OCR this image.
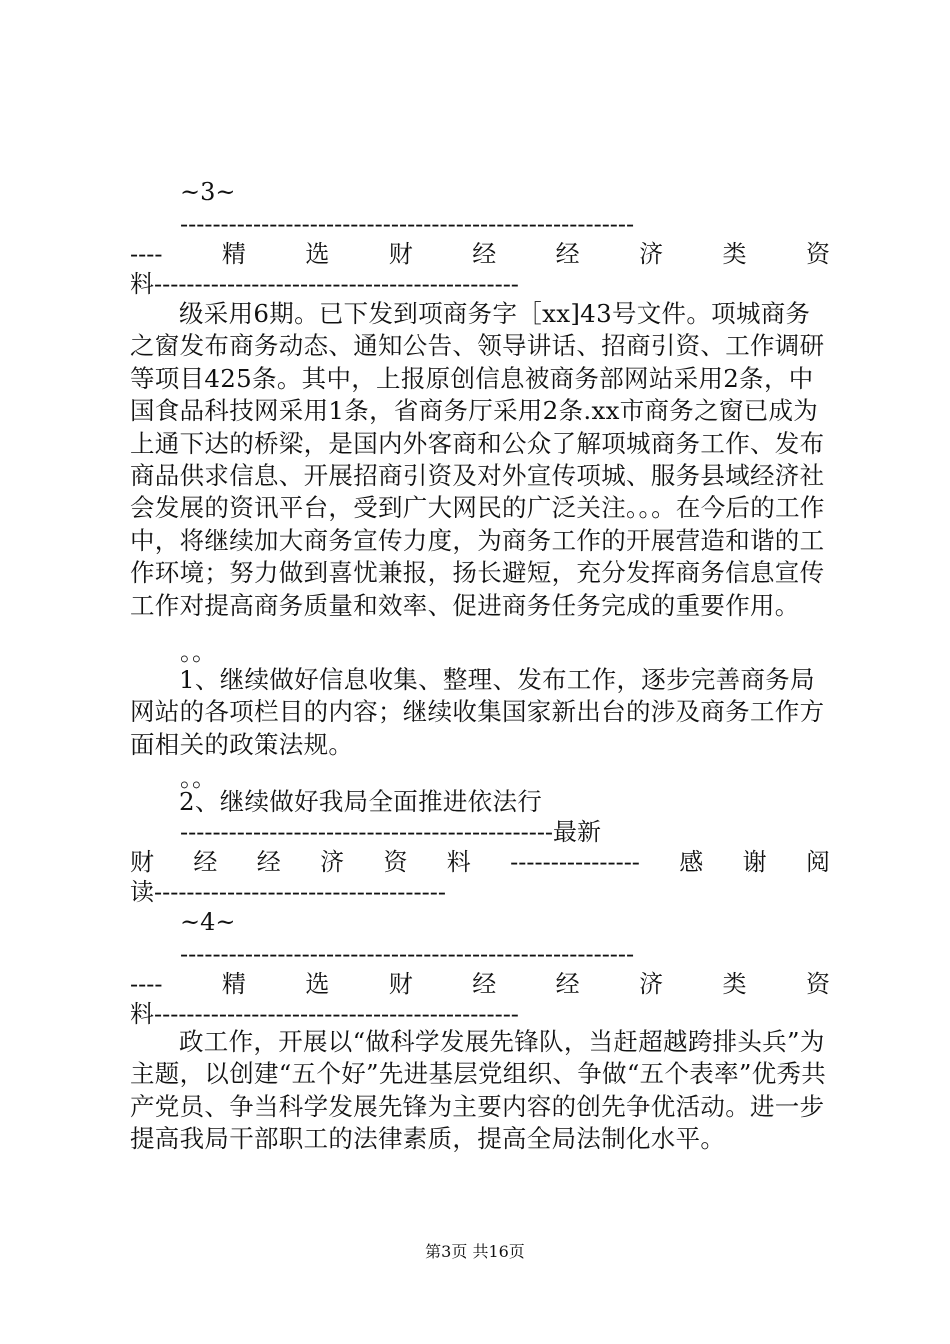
~3~
--------------------------------------------------------
---- 精 选 财 经 经 济 类 资
料---------------------------------------------
级采用6期。已下发到项商务字［xx]43号文件。项城商务之窗发布商务动态、通知公告、领导讲话、招商引资、工作调研等项目425条。其中，上报原创信息被商务部网站采用2条，中国食品科技网采用1条，省商务厅采用2条.xx市商务之窗已成为上通下达的桥梁，是国内外客商和公众了解项城商务工作、发布商品供求信息、开展招商引资及对外宣传项城、服务县域经济社会发展的资讯平台，受到广大网民的广泛关注。。。在今后的工作中，将继续加大商务宣传力度，为商务工作的开展营造和谐的工作环境；努力做到喜忧兼报，扬长避短，充分发挥商务信息宣传工作对提高商务质量和效率、促进商务任务完成的重要作用。
。。
1、继续做好信息收集、整理、发布工作，逐步完善商务局网站的各项栏目的内容；继续收集国家新出台的涉及商务工作方面相关的政策法规。
。。
2、继续做好我局全面推进依法行
----------------------------------------------最新
财 经 经 济 资 料 ---------------- 感 谢 阅
读------------------------------------
~4~
--------------------------------------------------------
---- 精 选 财 经 经 济 类 资
料---------------------------------------------
政工作，开展以“做科学发展先锋队，当赶超越跨排头兵”为主题，以创建“五个好”先进基层党组织、争做“五个表率”优秀共产党员、争当科学发展先锋为主要内容的创先争优活动。进一步提高我局干部职工的法律素质，提高全局法制化水平。
第3页 共16页
